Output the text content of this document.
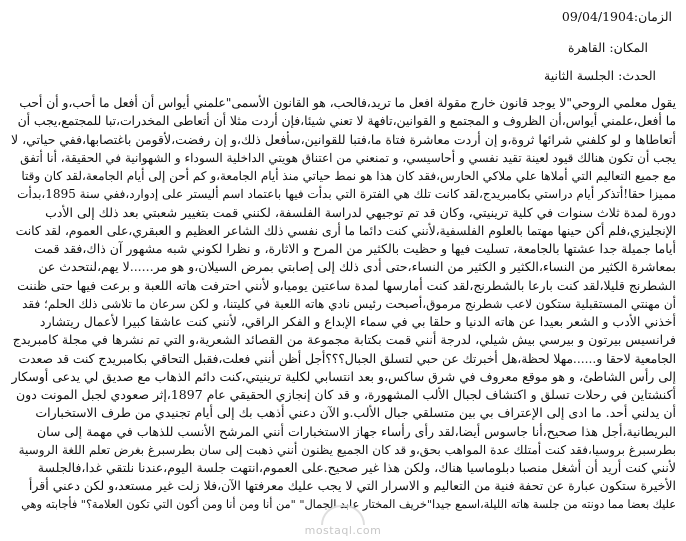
الزمان:09/04/1904
المكان: القاهرة
الحدث: الجلسة الثانية
يقول معلمي الروحي"لا يوجد قانون خارج مقولة افعل ما تريد،فالحب، هو القانون الأسمى"علمني أيواس أن أفعل ما أحب،و أن أحب
ما أفعل،علمني أيواس،أن الظروف و المجتمع و القوانين،تافهة لا تعني شيئا،فإن أردت مثلا أن أتعاطى المخدرات،تبا للمجتمع،يجب أن
أتعاطاها و لو كلفني شرائها ثروة،و إن أردت معاشرة فتاة ما،فتبا للقوانين،سأفعل ذلك،و إن رفضت،لأقومن باغتصابها،ففي حياتي، لا
يجب أن تكون هنالك قيود لعينة تقيد نفسي و أحاسيسي، و تمنعني من اعتناق هويتي الداخلية السوداء و الشهوانية في الحقيقة، أنا أتفق
مع جميع التعاليم التي أملاها علي ملاكي الحارس،فقد كان هذا هو نمط حياتي منذ أيام الجامعة،و كم أحن إلى أيام الجامعة،لقد كان وقتا
مميزا حقا!أتذكر أيام دراستي بكامبريدج،لقد كانت تلك هي الفترة التي بدأت فيها باعتماد اسم أليستر على إدوارد،ففي سنة 1895،بدأت
دورة لمدة ثلاث سنوات في كلية ترينيتي، وكان قد تم توجيهي لدراسة الفلسفة، لكنني قمت بتغيير شعبتي بعد ذلك إلى الأدب
الإنجليزي،فلم أكن حينها مهتما بالعلوم الفلسفية،لأنني كنت دائما ما أرى نفسي ذلك الشاعر العظيم و العبقري،على العموم، لقد كانت
أياما جميلة جدا عشتها بالجامعة، تسليت فيها و حظيت بالكثير من المرح و الاثارة، و نظرا لكوني شبه مشهور آن ذاك،فقد قمت
بمعاشرة الكثير من النساء،الكثير و الكثير من النساء،حتى أدى ذلك إلى إصابتي بمرض السيلان،و هو مر......لا يهم،لنتحدث عن
الشطرنج قليلا،لقد كنت بارعا بالشطرنج،لقد كنت أمارسها لمدة ساعتين يوميا،و لأنني احترفت هاته اللعبة و برعت فيها حتى ظننت
أن مهنتي المستقبلية ستكون لاعب شطرنج مرموق،أصبحت رئيس نادي هاته اللعبة في كليتنا، و لكن سرعان ما تلاشى ذلك الحلم؛ فقد
أخذني الأدب و الشعر بعيدا عن هاته الدنيا و حلقا بي في سماء الإبداع و الفكر الراقي، لأنني كنت عاشقا كبيرا لأعمال ريتشارد
فرانسيس بيرتون و بيرسي بيش شيلي، لدرجة أنني قمت بكتابة مجموعة من القصائد الشعرية،و التي تم نشرها في مجلة كامبريدج
الجامعية لاحقا و......مهلا لحظة،هل أخبرتك عن حبي لتسلق الجبال؟؟؟أجل أظن أنني فعلت،فقبل التحاقي بكامبريدج كنت قد صعدت
إلى رأس الشاطئ، و هو موقع معروف في شرق ساكس،و بعد انتسابي لكلية ترينيتي،كنت دائم الذهاب مع صديق لي يدعى أوسكار
أكنشتاين في رحلات تسلق و اكتشاف لجبال الألب المشهورة، و قد كان إنجازي الحقيقي عام 1897،إثر صعودي لجبل المونت دون
أن يدلني أحد. ما ادى إلى الإعتراف بي بين متسلقي جبال الألب.و الآن دعني أذهب بك إلى أيام تجنيدي من طرف الاستخبارات
البريطانية،أجل هذا صحيح،أنا جاسوس أيضا،لقد رأى رأساء جهاز الاستخبارات أنني المرشح الأنسب للذهاب في مهمة إلى سان
بطرسبرغ بروسيا،فقد كنت أمتلك عدة المواهب بحق،و قد كان الجميع يظنون أنني ذهبت إلى سان بطرسبرغ بغرض تعلم اللغة الروسية
لأنني كنت أريد أن أشغل منصبا دبلوماسيا هناك، ولكن هذا غير صحيح.على العموم،انتهت جلسة اليوم،عندنا نلتقي غدا،فالجلسة
الأخيرة ستكون عبارة عن تحفة فنية من التعاليم و الاسرار التي لا يجب عليك معرفتها الآن،فلا زلت غير مستعد،و لكن دعني أقرأ
عليك بعضا مما دونته من جلسة هاته الليلة،اسمع جيدا"خريف المختار عابد الجمال" "من أنا ومن أنا ومن أكون التي تكون العلامة؟" فأجابته وهي
mostaql.com
